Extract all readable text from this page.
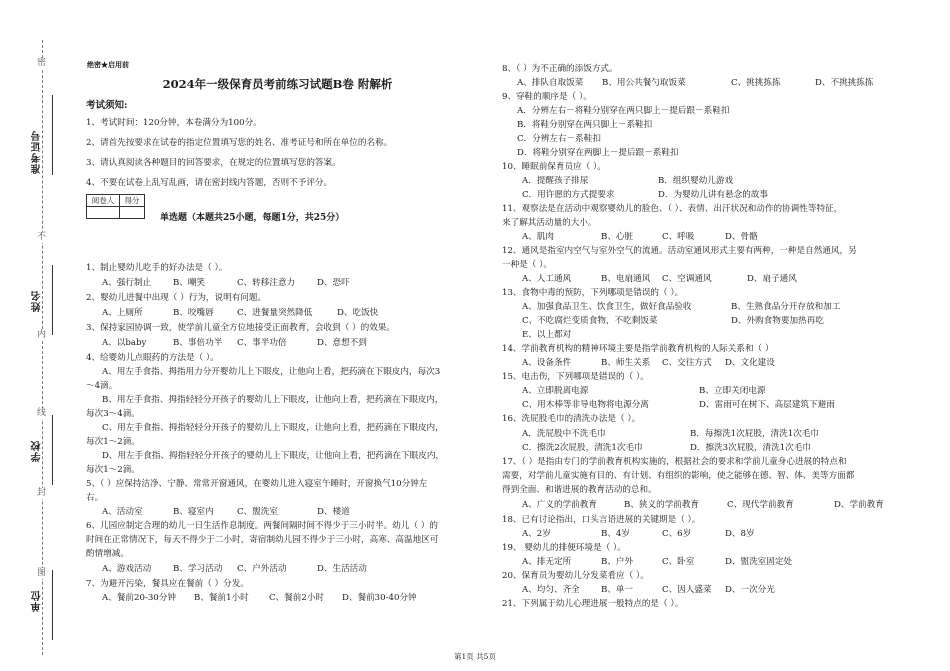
密
不
内
线
封
图
准考证号
姓名
学校
单位
绝密★启用前
2024年一级保育员考前练习试题B卷 附解析
考试须知:
1、考试时间：120分钟，本卷满分为100分。
2、请首先按要求在试卷的指定位置填写您的姓名、准考证号和所在单位的名称。
3、请认真阅读各种题目的回答要求，在规定的位置填写您的答案。
4、不要在试卷上乱写乱画，请在密封线内答题，否则不予评分。
阅卷人	得分

单选题（本题共25小题，每题1分，共25分）
1、制止婴幼儿吃手的好办法是（ ）。
A、强行制止	B、嘲笑	C、转移注意力	D、恐吓
2、婴幼儿进餐中出现（ ）行为，说明有问题。
A、上厕所	B、咬嘴唇	C、进餐量突然降低	D、吃饭快
3、保持家园协调一致，使学前儿童全方位地接受正面教育，会收到（ ）的效果。
A、以baby	B、事倍功半 C、事半功倍	D、意想不到
4、给婴幼儿点眼药的方法是（ ）。
A、用左手食指、拇指用力分开婴幼儿上下眼皮，让他向上看，把药滴在下眼皮内，每次3
～4滴。
B、用左手食指、拇指轻轻分开孩子的婴幼儿上下眼皮，让他向上看，把药滴在下眼皮内，
每次3～4滴。
C、用左手食指、拇指轻轻分开孩子的婴幼儿上下眼皮，让他向上看，把药滴在下眼皮内，
每次1～2滴。
D、用左手食指、拇指轻轻分开孩子的婴幼儿上下眼皮，让他向上看，把药滴在下眼皮内，
每次1～2滴。
5、（ ）应保持洁净、宁静、常常开窗通风，在婴幼儿进入寝室午睡时，开窗换气10分钟左
右。
A、活动室	B、寝室内	C、盥洗室	D、楼道
6、儿园应制定合理的幼儿一日生活作息制度。两餐间隔时间不得少于三小时半。幼儿（ ）的
时间在正常情况下，每天不得少于二小时，寄宿制幼儿园不得少于三小时，高寒、高温地区可
酌情增减。
A、游戏活动	B、学习活动 C、户外活动	D、生活活动
7、为避开污染，餐具应在餐前（ ）分发。
A、餐前20-30分钟 B、餐前1小时 C、餐前2小时 D、餐前30-40分钟
8、（ ）为不正确的添饭方式。
A、排队自取饭菜 B、用公共餐勺取饭菜	C、挑挑拣拣	D、不挑挑拣拣
9、穿鞋的顺序是（ ）。
A．分辨左右－将鞋分别穿在两只脚上－提后跟－系鞋扣
B．将鞋分别穿在两只脚上－系鞋扣
C．分辨左右－系鞋扣
D．将鞋分别穿在两脚上－提后跟－系鞋扣
10、睡眠前保育员应（ ）。
A．提醒孩子排尿	B．组织婴幼儿游戏
C．用许愿的方式提要求	D．为婴幼儿讲有悬念的故事
11、观察法是在活动中观察婴幼儿的脸色、（ ）、表情、出汗状况和动作的协调性等特征，
来了解其活动量的大小。
A、肌肉	B、心脏	C、呼吸	D、骨骼
12、通风是指室内空气与室外空气的流通。活动室通风形式主要有两种，一种是自然通风，另
一种是（ ）。
A、人工通风	B、电扇通风 C、空调通风	D、扇子通风
13、食物中毒的预防，下列哪项是错误的（ ）。
A、加强食品卫生、饮食卫生，做好食品验收	B、生熟食品分开存放和加工
C、不吃腐烂变质食物，不吃剩饭菜	D、外购食物要加热再吃
E、以上都对
14、学前教育机构的精神环境主要是指学前教育机构的人际关系和（ ）
A、设备条件	B、师生关系 C、交往方式 D、文化建设
15、电击伤，下列哪项是错误的（ ）。
A、立即脱离电源	B、立即关闭电源
C、用木棒等非导电物将电源分离	D、雷雨可在树下、高层建筑下避雨
16、洗屁股毛巾的清洗办法是（ ）。
A．洗屁股中不洗毛巾	B．每擦洗1次屁股，清洗1次毛巾
C．擦洗2次屁股，清洗1次毛巾	D．擦洗3次屁股，清洗1次毛巾
17、（ ）是指由专门的学前教育机构实施的，根据社会的要求和学前儿童身心进展的特点和
需要，对学前儿童实施有目的、有计划、有组织的影响，使之能够在德、智、体、美等方面都
得到全面、和谐进展的教育活动的总和。
A、广义的学前教育	B、狭义的学前教育	C、现代学前教育	D、学前教育
18、已有讨论指出，口头言语进展的关键期是（ ）。
A、2岁	B、4岁	C、6岁	D、8岁
19、 婴幼儿的排便环境是（ ）。
A、排无定所	B、户外	C、卧室	D、盥洗室固定处
20、保育员为婴幼儿分发菜肴应（ ）。
A、均匀、齐全 B、单一	C、因人盛菜 D、一次分光
21、下列属于幼儿心理进展一般特点的是（ ）。
第1页 共5页
